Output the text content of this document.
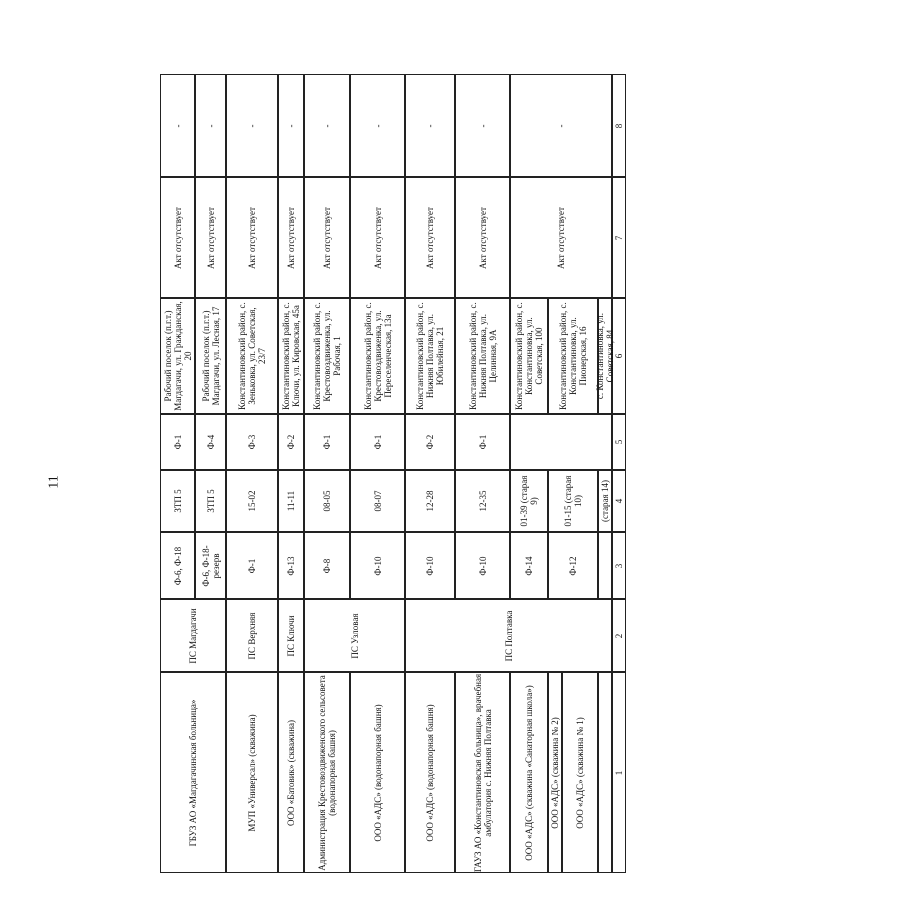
11
1
2
3
4
5
6
7
8
ПС Полтавка
(старая 14)
с. Константиновка, ул. Советская, 84
ООО «АДС» (скважина № 1)
Ф-12
01-15 (старая 10)
Константиновский район, с. Константиновка, ул. Пионерская, 16
Акт отсутствует
-
ООО «АДС» (скважина № 2)
ООО «АДС» (скважина «Санаторная школа»)
Ф-14
01-39 (старая 9)
Константиновский район, с. Константиновка, ул. Советская, 100
ГАУЗ АО «Константиновская больница», врачебная амбулатория с. Нижняя Полтавка
Ф-10
12-35
Ф-1
Константиновский район, с. Нижняя Полтавка, ул. Целинная, 9А
Акт отсутствует
-
ООО «АДС» (водонапорная башня)
Ф-10
12-28
Ф-2
Константиновский район, с. Нижняя Полтавка, ул. Юбилейная, 21
Акт отсутствует
-
ООО «АДС» (водонапорная башня)
ПС Узловая
Ф-10
08-07
Ф-1
Константиновский район, с. Крестовоздвиженка, ул. Переселенческая, 13а
Акт отсутствует
-
Администрация Крестовоздвиженского сельсовета (водонапорная башня)
Ф-8
08-05
Ф-1
Константиновский район, с. Крестовоздвиженка, ул. Рабочая, 1
Акт отсутствует
-
ООО «Батовик» (скважина)
ПС Ключи
Ф-13
11-11
Ф-2
Константиновский район, с. Ключи, ул. Кировская, 45а
Акт отсутствует
-
МУП «Универсал» (скважина)
ПС Верхняя
Ф-1
15-02
Ф-3
Константиновский район, с. Зеньковка, ул. Советская, 23/7
Акт отсутствует
-
ГБУЗ АО «Магдагачинская больница»
ПС Магдагачи
Ф-6, Ф-18-резерв
ЗТП 5
Ф-4
Рабочий поселок (п.г.т.) Магдагачи, ул. Лесная, 17
Акт отсутствует
-
Ф-6, Ф-18
ЗТП 5
Ф-1
Рабочий поселок (п.г.т.) Магдагачи, ул. Гражданская, 20
Акт отсутствует
-
